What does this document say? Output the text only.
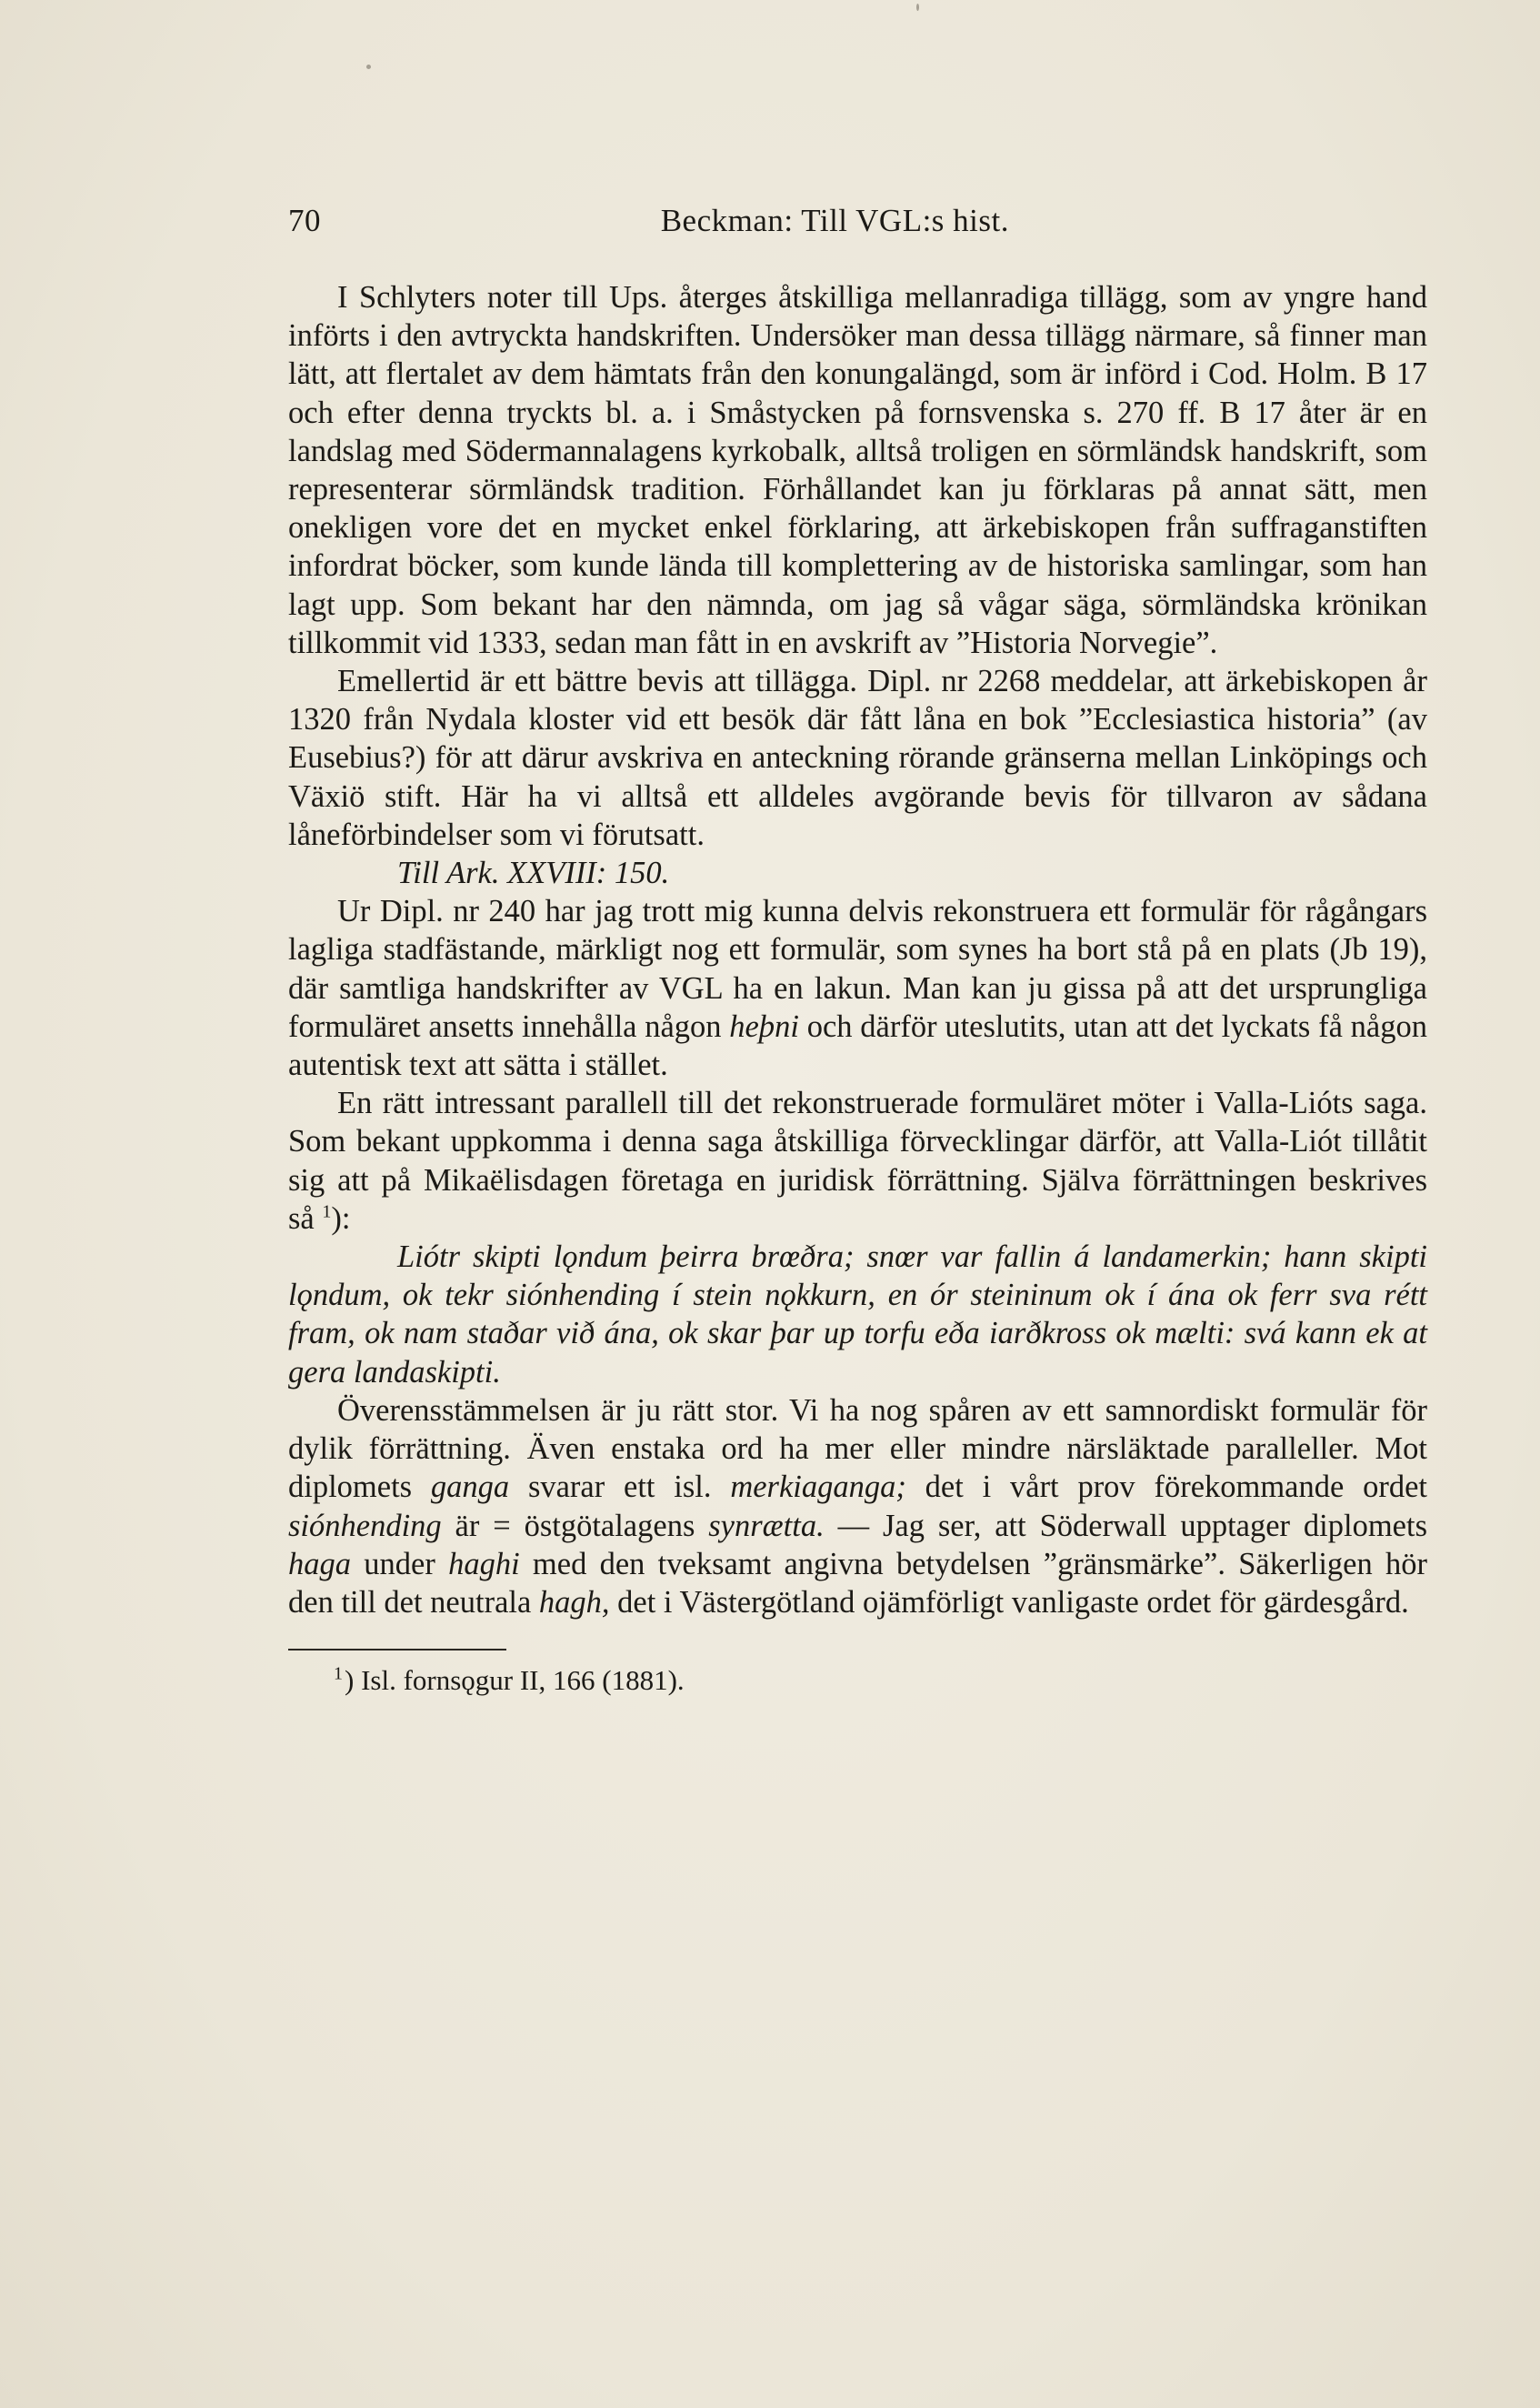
70	Beckman: Till VGL:s hist.

I Schlyters noter till Ups. återges åtskilliga mellanradiga tillägg, som av yngre hand införts i den avtryckta handskriften. Undersöker man dessa tillägg närmare, så finner man lätt, att flertalet av dem hämtats från den konungalängd, som är införd i Cod. Holm. B 17 och efter denna tryckts bl. a. i Småstycken på fornsvenska s. 270 ff. B 17 åter är en landslag med Södermannalagens kyrkobalk, alltså troligen en sörmländsk handskrift, som representerar sörmländsk tradition. Förhållandet kan ju förklaras på annat sätt, men onekligen vore det en mycket enkel förklaring, att ärkebiskopen från suffraganstiften infordrat böcker, som kunde lända till komplettering av de historiska samlingar, som han lagt upp. Som bekant har den nämnda, om jag så vågar säga, sörmländska krönikan tillkommit vid 1333, sedan man fått in en avskrift av ”Historia Norvegie”.

Emellertid är ett bättre bevis att tillägga. Dipl. nr 2268 meddelar, att ärkebiskopen år 1320 från Nydala kloster vid ett besök där fått låna en bok ”Ecclesiastica historia” (av Eusebius?) för att därur avskriva en anteckning rörande gränserna mellan Linköpings och Växiö stift. Här ha vi alltså ett alldeles avgörande bevis för tillvaron av sådana låneförbindelser som vi förutsatt.

Till Ark. XXVIII: 150.

Ur Dipl. nr 240 har jag trott mig kunna delvis rekonstruera ett formulär för rågångars lagliga stadfästande, märkligt nog ett formulär, som synes ha bort stå på en plats (Jb 19), där samtliga handskrifter av VGL ha en lakun. Man kan ju gissa på att det ursprungliga formuläret ansetts innehålla någon heþni och därför uteslutits, utan att det lyckats få någon autentisk text att sätta i stället.

En rätt intressant parallell till det rekonstruerade formuläret möter i Valla-Lióts saga. Som bekant uppkomma i denna saga åtskilliga förvecklingar därför, att Valla-Liót tillåtit sig att på Mikaëlisdagen företaga en juridisk förrättning. Själva förrättningen beskrives så $^1$):

Liótr skipti lǫndum þeirra brœðra; snœr var fallin á landamerkin; hann skipti lǫndum, ok tekr siónhending í stein nǫkkurn, en ór steininum ok í ána ok ferr sva rétt fram, ok nam staðar við ána, ok skar þar up torfu eða iarðkross ok mælti: svá kann ek at gera landaskipti.

Överensstämmelsen är ju rätt stor. Vi ha nog spåren av ett samnordiskt formulär för dylik förrättning. Även enstaka ord ha mer eller mindre närsläktade paralleller. Mot diplomets ganga svarar ett isl. merkiaganga; det i vårt prov förekommande ordet siónhending är = östgötalagens synrætta. — Jag ser, att Söderwall upptager diplomets haga under haghi med den tveksamt angivna betydelsen ”gränsmärke”. Säkerligen hör den till det neutrala hagh, det i Västergötland ojämförligt vanligaste ordet för gärdesgård.

$^1$) Isl. fornsǫgur II, 166 (1881).
